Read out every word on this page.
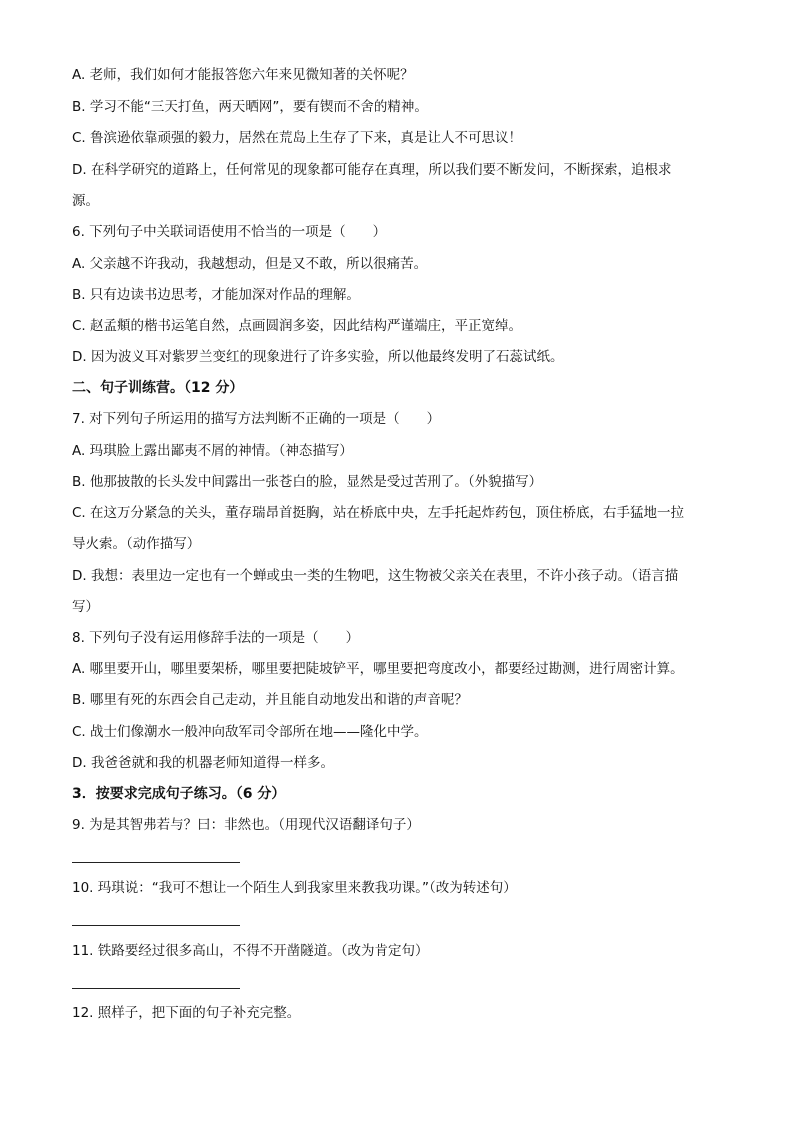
A. 老师，我们如何才能报答您六年来见微知著的关怀呢？
B. 学习不能“三天打鱼，两天晒网”，要有锲而不舍的精神。
C. 鲁滨逊依靠顽强的毅力，居然在荒岛上生存了下来，真是让人不可思议！
D. 在科学研究的道路上，任何常见的现象都可能存在真理，所以我们要不断发问，不断探索，追根求
源。
6. 下列句子中关联词语使用不恰当的一项是（　　）
A. 父亲越不许我动，我越想动，但是又不敢，所以很痛苦。
B. 只有边读书边思考，才能加深对作品的理解。
C. 赵孟頫的楷书运笔自然，点画圆润多姿，因此结构严谨端庄，平正宽绰。
D. 因为波义耳对紫罗兰变红的现象进行了许多实验，所以他最终发明了石蕊试纸。
二、句子训练营。（12 分）
7. 对下列句子所运用的描写方法判断不正确的一项是（　　）
A. 玛琪脸上露出鄙夷不屑的神情。（神态描写）
B. 他那披散的长头发中间露出一张苍白的脸，显然是受过苦刑了。（外貌描写）
C. 在这万分紧急的关头，董存瑞昂首挺胸，站在桥底中央，左手托起炸药包，顶住桥底，右手猛地一拉
导火索。（动作描写）
D. 我想：表里边一定也有一个蝉或虫一类的生物吧，这生物被父亲关在表里，不许小孩子动。（语言描
写）
8. 下列句子没有运用修辞手法的一项是（　　）
A. 哪里要开山，哪里要架桥，哪里要把陡坡铲平，哪里要把弯度改小，都要经过勘测，进行周密计算。
B. 哪里有死的东西会自己走动，并且能自动地发出和谐的声音呢？
C. 战士们像潮水一般冲向敌军司令部所在地——隆化中学。
D. 我爸爸就和我的机器老师知道得一样多。
3．按要求完成句子练习。（6 分）
9. 为是其智弗若与？曰：非然也。（用现代汉语翻译句子）
10. 玛琪说：“我可不想让一个陌生人到我家里来教我功课。”（改为转述句）
11. 铁路要经过很多高山，不得不开凿隧道。（改为肯定句）
12. 照样子，把下面的句子补充完整。
